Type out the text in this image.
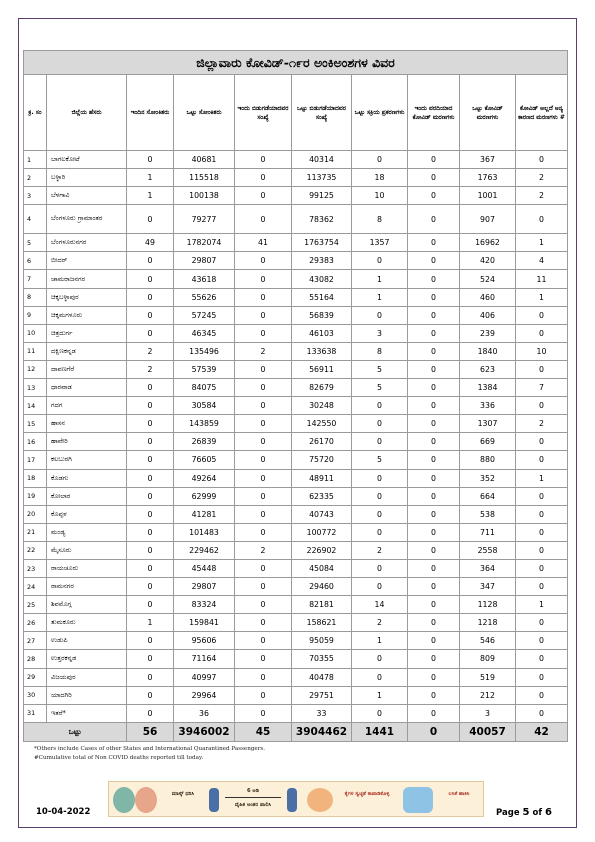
ಜಿಲ್ಲಾವಾರು ಕೋವಿಡ್-೧೯ರ ಅಂಕಿಅಂಶಗಳ ವಿವರ									
ಕ್ರ. ಸಂ	ಜಿಲ್ಲೆಯ ಹೆಸರು	ಇಂದಿನ ಸೋಂಕಿತರು	ಒಟ್ಟು ಸೋಂಕಿತರು	ಇಂದು ಬಿಡುಗಡೆಯಾದವರ ಸಂಖ್ಯೆ	ಒಟ್ಟು ಬಿಡುಗಡೆಯಾದವರ ಸಂಖ್ಯೆ	ಒಟ್ಟು ಸಕ್ರಿಯ ಪ್ರಕರಣಗಳು	ಇಂದು ವರದಿಯಾದ ಕೋವಿಡ್ ಮರಣಗಳು	ಒಟ್ಟು ಕೋವಿಡ್ ಮರಣಗಳು	ಕೋವಿಡ್ ಅಲ್ಲದೆ ಅನ್ಯ ಕಾರಣದ ಮರಣಗಳು #
1	ಬಾಗಲಕೋಟೆ	0	40681	0	40314	0	0	367	0
2	ಬಳ್ಳಾರಿ	1	115518	0	113735	18	0	1763	2
3	ಬೆಳಗಾವಿ	1	100138	0	99125	10	0	1001	2
4	ಬೆಂಗಳೂರು ಗ್ರಾಮಾಂತರ	0	79277	0	78362	8	0	907	0
5	ಬೆಂಗಳೂರುನಗರ	49	1782074	41	1763754	1357	0	16962	1
6	ಬೀದರ್	0	29807	0	29383	0	0	420	4
7	ಚಾಮರಾಜನಗರ	0	43618	0	43082	1	0	524	11
8	ಚಿಕ್ಕಬಳ್ಳಾಪುರ	0	55626	0	55164	1	0	460	1
9	ಚಿಕ್ಕಮಗಳೂರು	0	57245	0	56839	0	0	406	0
10	ಚಿತ್ರದುರ್ಗ	0	46345	0	46103	3	0	239	0
11	ದಕ್ಷಿಣಕನ್ನಡ	2	135496	2	133638	8	0	1840	10
12	ದಾವಣಗೆರೆ	2	57539	0	56911	5	0	623	0
13	ಧಾರವಾಡ	0	84075	0	82679	5	0	1384	7
14	ಗದಗ	0	30584	0	30248	0	0	336	0
15	ಹಾಸನ	0	143859	0	142550	0	0	1307	2
16	ಹಾವೇರಿ	0	26839	0	26170	0	0	669	0
17	ಕಲಬುರಗಿ	0	76605	0	75720	5	0	880	0
18	ಕೊಡಗು	0	49264	0	48911	0	0	352	1
19	ಕೋಲಾರ	0	62999	0	62335	0	0	664	0
20	ಕೊಪ್ಪಳ	0	41281	0	40743	0	0	538	0
21	ಮಂಡ್ಯ	0	101483	0	100772	0	0	711	0
22	ಮೈಸೂರು	0	229462	2	226902	2	0	2558	0
23	ರಾಯಚೂರು	0	45448	0	45084	0	0	364	0
24	ರಾಮನಗರ	0	29807	0	29460	0	0	347	0
25	ಶಿವಮೊಗ್ಗ	0	83324	0	82181	14	0	1128	1
26	ತುಮಕೂರು	1	159841	0	158621	2	0	1218	0
27	ಉಡುಪಿ	0	95606	0	95059	1	0	546	0
28	ಉತ್ತರಕನ್ನಡ	0	71164	0	70355	0	0	809	0
29	ವಿಜಯಪುರ	0	40997	0	40478	0	0	519	0
30	ಯಾದಗಿರಿ	0	29964	0	29751	1	0	212	0
31	ಇತರೆ*	0	36	0	33	0	0	3	0
ಒಟ್ಟು		56	3946002	45	3904462	1441	0	40057	42
*Others include Cases of other States and International Quarantined Passengers.
#Cumulative total of Non COVID deaths reported till today.
ಮಾಸ್ಕ್ ಧರಿಸಿ	6 ಅಡಿ
ದೈಹಿಕ ಅಂತರ ಪಾಲಿಸಿ
ಕೈಗಳ ಸ್ವಚ್ಛತೆ ಕಾಪಾಡಿಕೊಳ್ಳಿ	ಲಸಿಕೆ ಹಾಕಿಸಿ
10-04-2022	Page 5 of 6
